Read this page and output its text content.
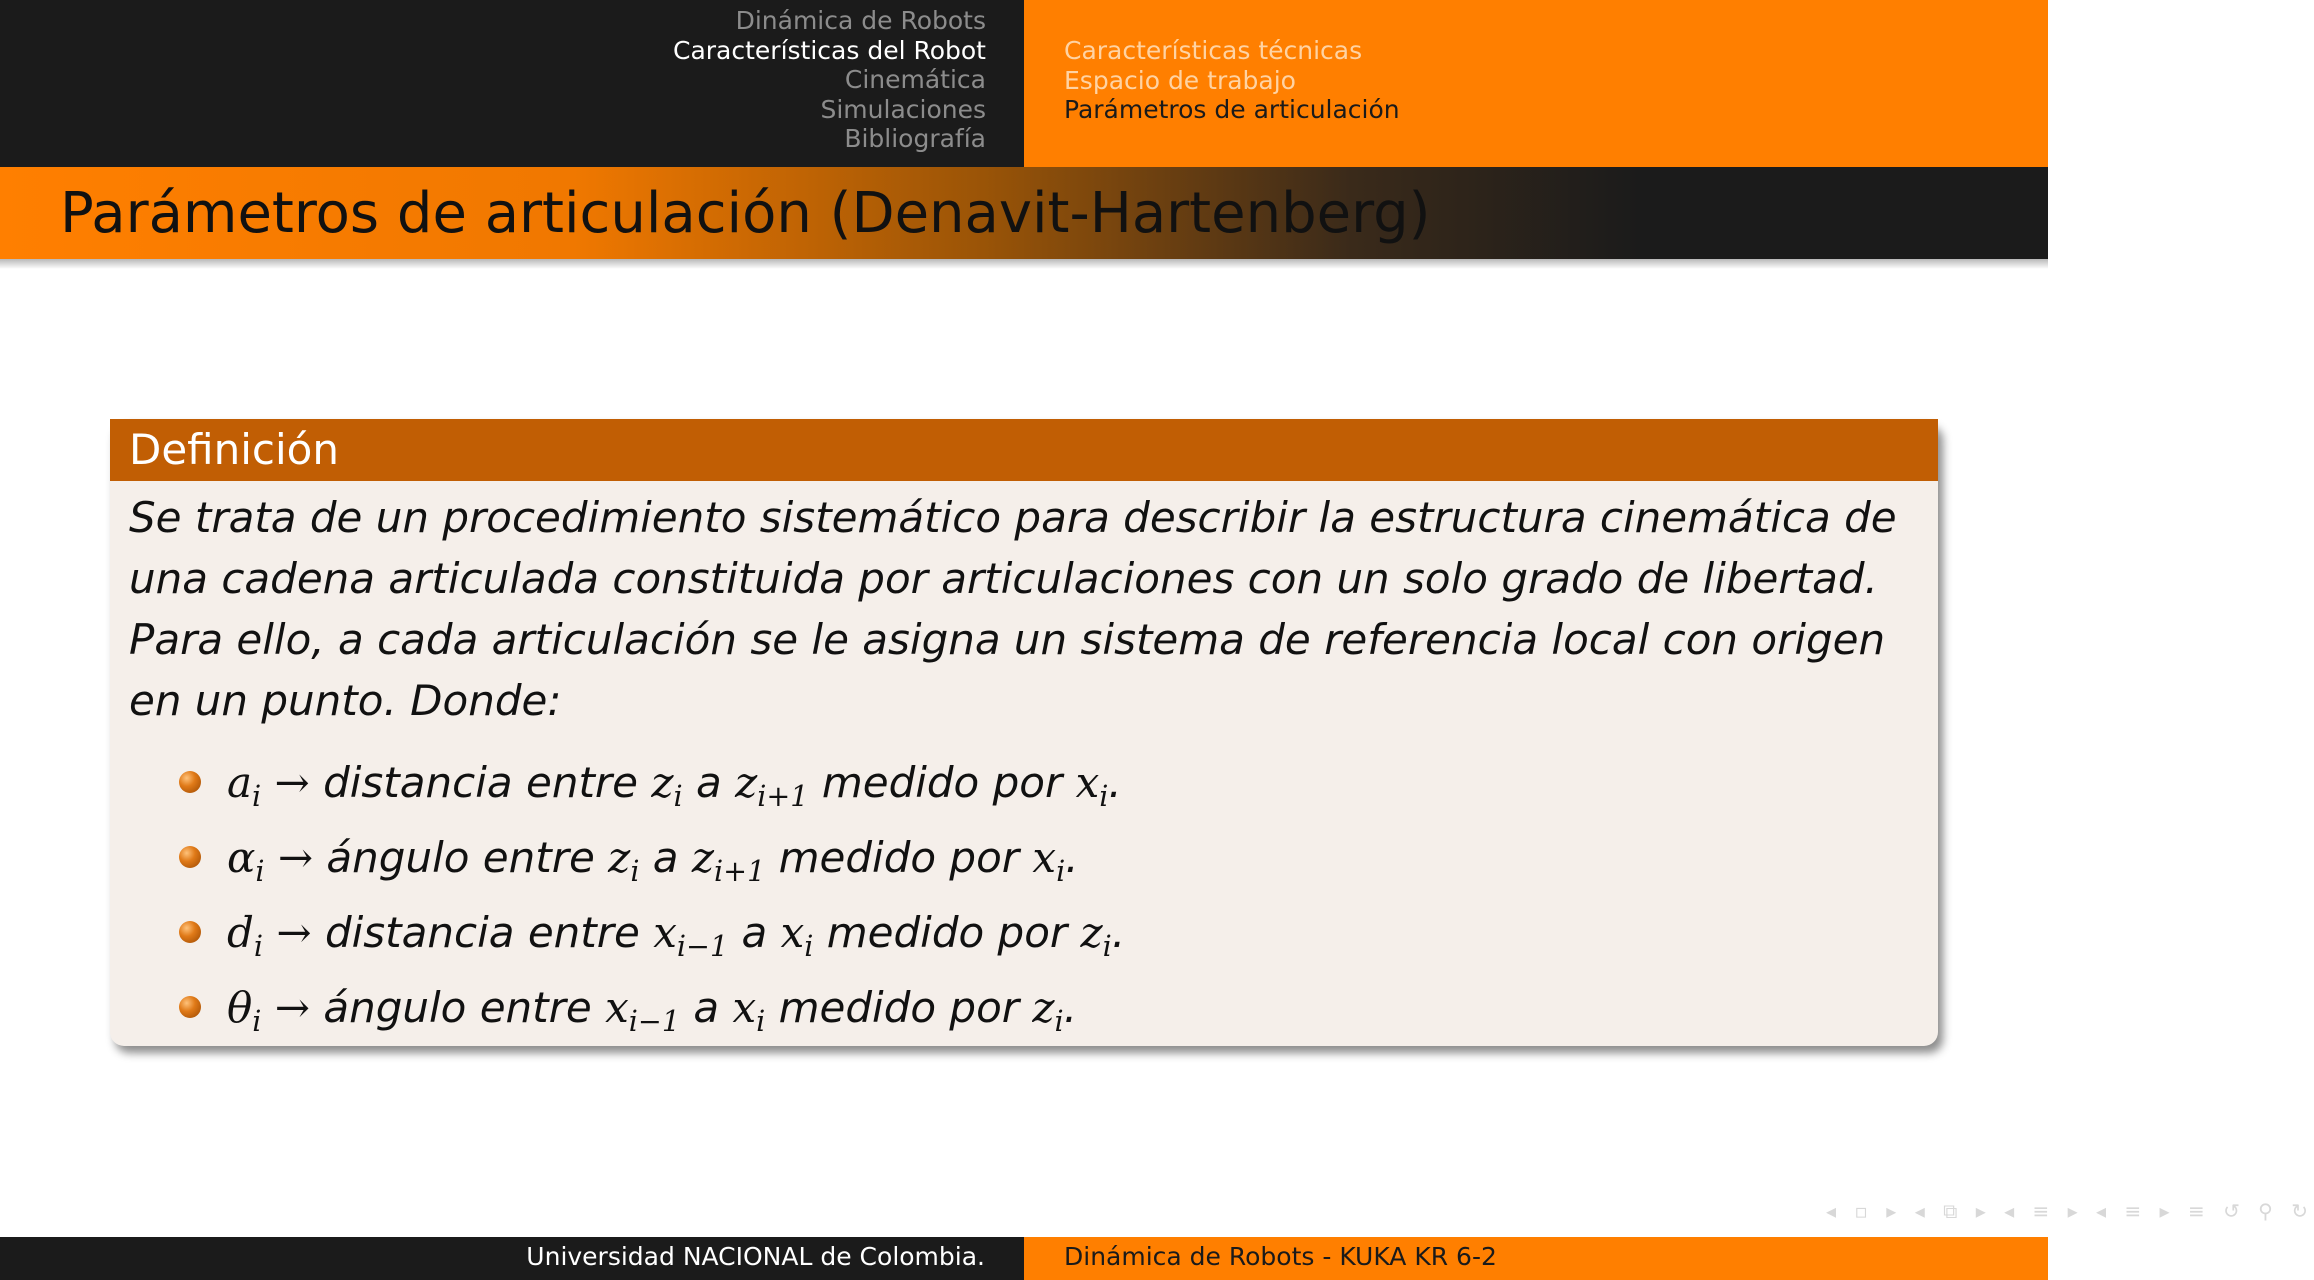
Dinámica de Robots
Características del Robot
Cinemática
Simulaciones
Bibliografía
Características técnicas
Espacio de trabajo
Parámetros de articulación
Parámetros de articulación (Denavit-Hartenberg)
Definición

Se trata de un procedimiento sistemático para describir la estructura cinemática de una cadena articulada constituida por articulaciones con un solo grado de libertad. Para ello, a cada articulación se le asigna un sistema de referencia local con origen en un punto. Donde:

$a_i$ → distancia entre $z_i$ a $z_{i+1}$ medido por $x_i$.
$\alpha_i$ → ángulo entre $z_i$ a $z_{i+1}$ medido por $x_i$.
$d_i$ → distancia entre $x_{i-1}$ a $x_i$ medido por $z_i$.
$\theta_i$ → ángulo entre $x_{i-1}$ a $x_i$ medido por $z_i$.
◂ ▫ ▸ ◂ ⧉ ▸ ◂ ≡ ▸ ◂ ≡ ▸ ≡ ↺ ⚲ ↻
Universidad NACIONAL de Colombia.	Dinámica de Robots - KUKA KR 6-2
